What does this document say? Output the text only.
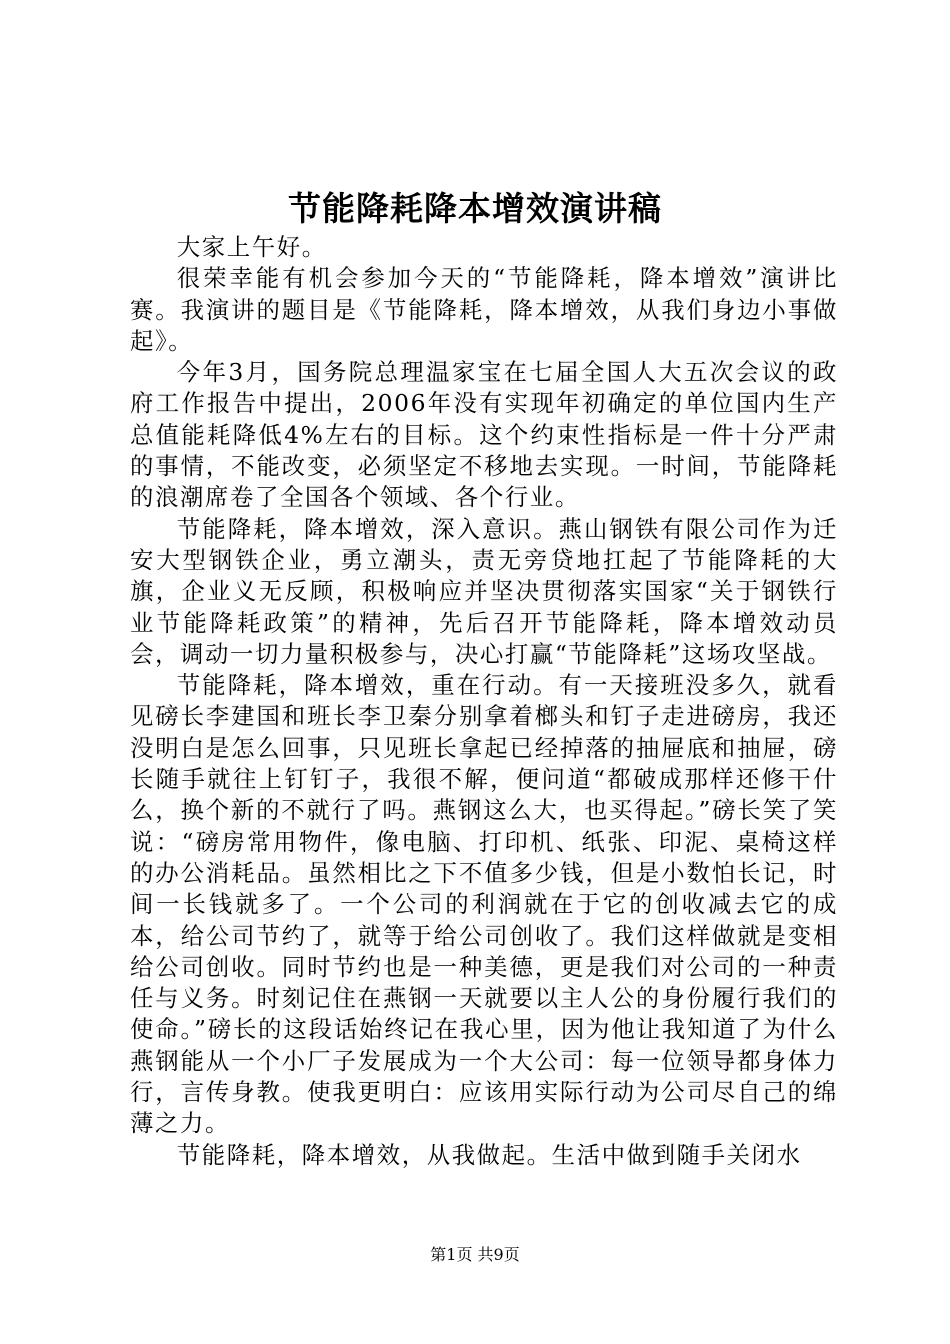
节能降耗降本增效演讲稿

大家上午好。

很荣幸能有机会参加今天的“节能降耗，降本增效”演讲比赛。我演讲的题目是《节能降耗，降本增效，从我们身边小事做起》。

今年3月，国务院总理温家宝在七届全国人大五次会议的政府工作报告中提出，2006年没有实现年初确定的单位国内生产总值能耗降低4%左右的目标。这个约束性指标是一件十分严肃的事情，不能改变，必须坚定不移地去实现。一时间，节能降耗的浪潮席卷了全国各个领域、各个行业。

节能降耗，降本增效，深入意识。燕山钢铁有限公司作为迁安大型钢铁企业，勇立潮头，责无旁贷地扛起了节能降耗的大旗，企业义无反顾，积极响应并坚决贯彻落实国家“关于钢铁行业节能降耗政策”的精神，先后召开节能降耗，降本增效动员会，调动一切力量积极参与，决心打赢“节能降耗”这场攻坚战。

节能降耗，降本增效，重在行动。有一天接班没多久，就看见磅长李建国和班长李卫秦分别拿着榔头和钉子走进磅房，我还没明白是怎么回事，只见班长拿起已经掉落的抽屉底和抽屉，磅长随手就往上钉钉子，我很不解，便问道“都破成那样还修干什么，换个新的不就行了吗。燕钢这么大，也买得起。”磅长笑了笑说：“磅房常用物件，像电脑、打印机、纸张、印泥、桌椅这样的办公消耗品。虽然相比之下不值多少钱，但是小数怕长记，时间一长钱就多了。一个公司的利润就在于它的创收减去它的成本，给公司节约了，就等于给公司创收了。我们这样做就是变相给公司创收。同时节约也是一种美德，更是我们对公司的一种责任与义务。时刻记住在燕钢一天就要以主人公的身份履行我们的使命。”磅长的这段话始终记在我心里，因为他让我知道了为什么燕钢能从一个小厂子发展成为一个大公司：每一位领导都身体力行，言传身教。使我更明白：应该用实际行动为公司尽自己的绵薄之力。

节能降耗，降本增效，从我做起。生活中做到随手关闭水

第1页 共9页
